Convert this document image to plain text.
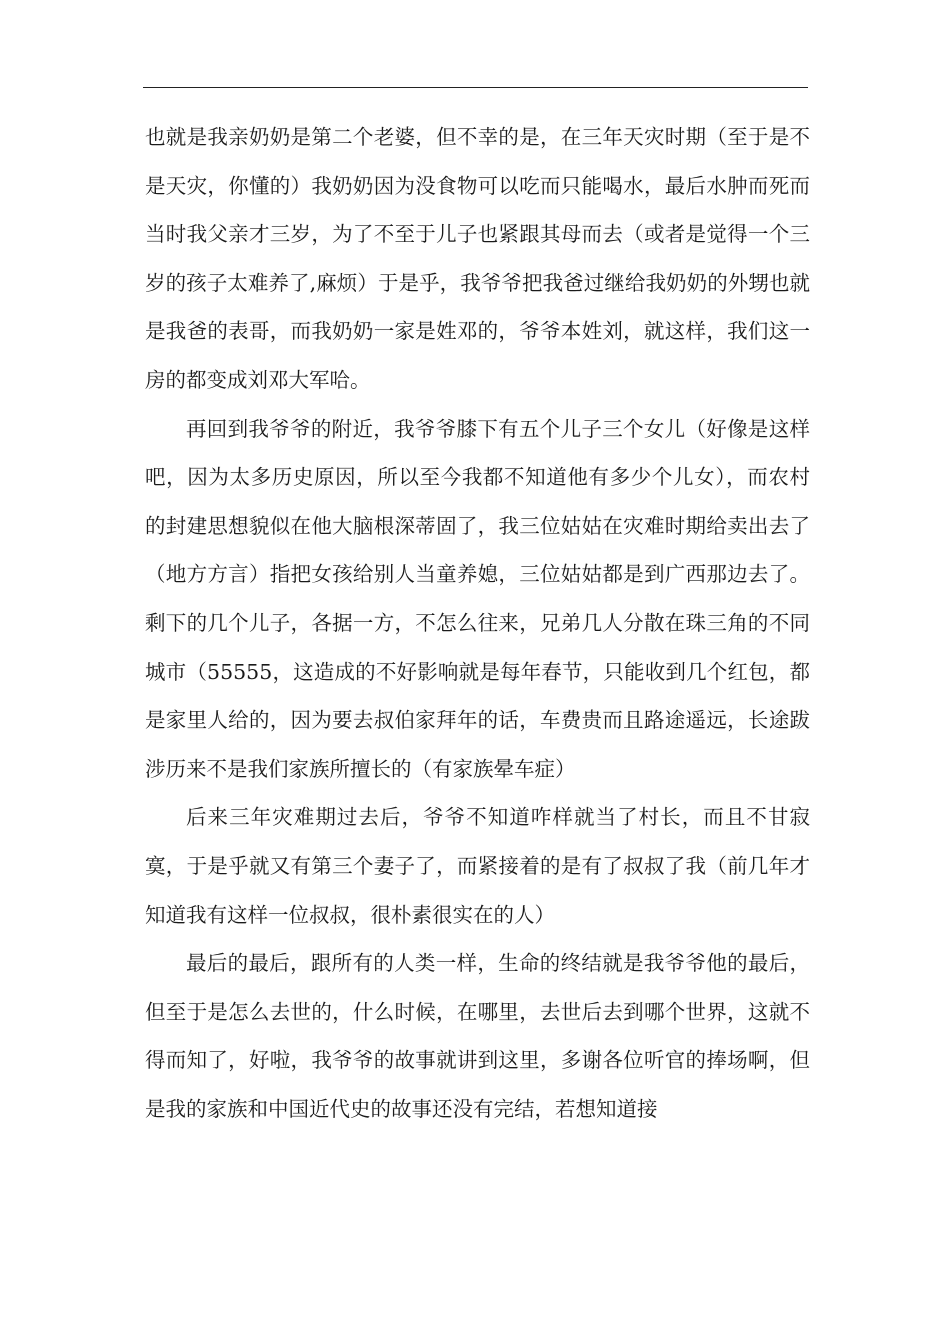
也就是我亲奶奶是第二个老婆，但不幸的是，在三年天灾时期（至于是不是天灾，你懂的）我奶奶因为没食物可以吃而只能喝水，最后水肿而死而当时我父亲才三岁，为了不至于儿子也紧跟其母而去（或者是觉得一个三岁的孩子太难养了,麻烦）于是乎，我爷爷把我爸过继给我奶奶的外甥也就是我爸的表哥，而我奶奶一家是姓邓的，爷爷本姓刘，就这样，我们这一房的都变成刘邓大军哈。

再回到我爷爷的附近，我爷爷膝下有五个儿子三个女儿（好像是这样吧，因为太多历史原因，所以至今我都不知道他有多少个儿女），而农村的封建思想貌似在他大脑根深蒂固了，我三位姑姑在灾难时期给卖出去了（地方方言）指把女孩给别人当童养媳，三位姑姑都是到广西那边去了。剩下的几个儿子，各据一方，不怎么往来，兄弟几人分散在珠三角的不同城市（55555，这造成的不好影响就是每年春节，只能收到几个红包，都是家里人给的，因为要去叔伯家拜年的话，车费贵而且路途遥远，长途跋涉历来不是我们家族所擅长的（有家族晕车症）

后来三年灾难期过去后，爷爷不知道咋样就当了村长，而且不甘寂寞，于是乎就又有第三个妻子了，而紧接着的是有了叔叔了我（前几年才知道我有这样一位叔叔，很朴素很实在的人）

最后的最后，跟所有的人类一样，生命的终结就是我爷爷他的最后，但至于是怎么去世的，什么时候，在哪里，去世后去到哪个世界，这就不得而知了，好啦，我爷爷的故事就讲到这里，多谢各位听官的捧场啊，但是我的家族和中国近代史的故事还没有完结，若想知道接
